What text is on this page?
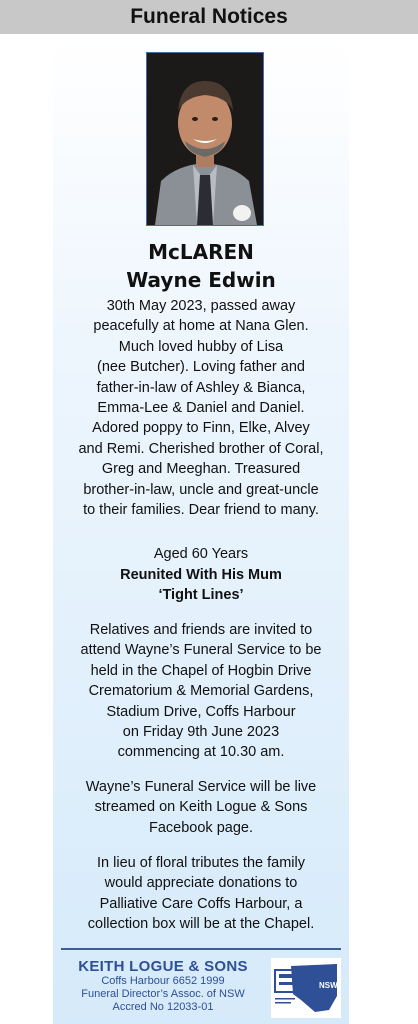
Funeral Notices
McLAREN
Wayne Edwin
30th May 2023, passed away
peacefully at home at Nana Glen.
Much loved hubby of Lisa
(nee Butcher). Loving father and
father-in-law of Ashley & Bianca,
Emma-Lee & Daniel and Daniel.
Adored poppy to Finn, Elke, Alvey
and Remi. Cherished brother of Coral,
Greg and Meeghan. Treasured
brother-in-law, uncle and great-uncle
to their families. Dear friend to many.
Aged 60 Years
Reunited With His Mum
‘Tight Lines’
Relatives and friends are invited to
attend Wayne’s Funeral Service to be
held in the Chapel of Hogbin Drive
Crematorium & Memorial Gardens,
Stadium Drive, Coffs Harbour
on Friday 9th June 2023
commencing at 10.30 am.
Wayne’s Funeral Service will be live
streamed on Keith Logue & Sons
Facebook page.
In lieu of floral tributes the family
would appreciate donations to
Palliative Care Coffs Harbour, a
collection box will be at the Chapel.
KEITH LOGUE & SONS
Coffs Harbour 6652 1999
Funeral Director’s Assoc. of NSW
Accred No 12033-01
NSW
